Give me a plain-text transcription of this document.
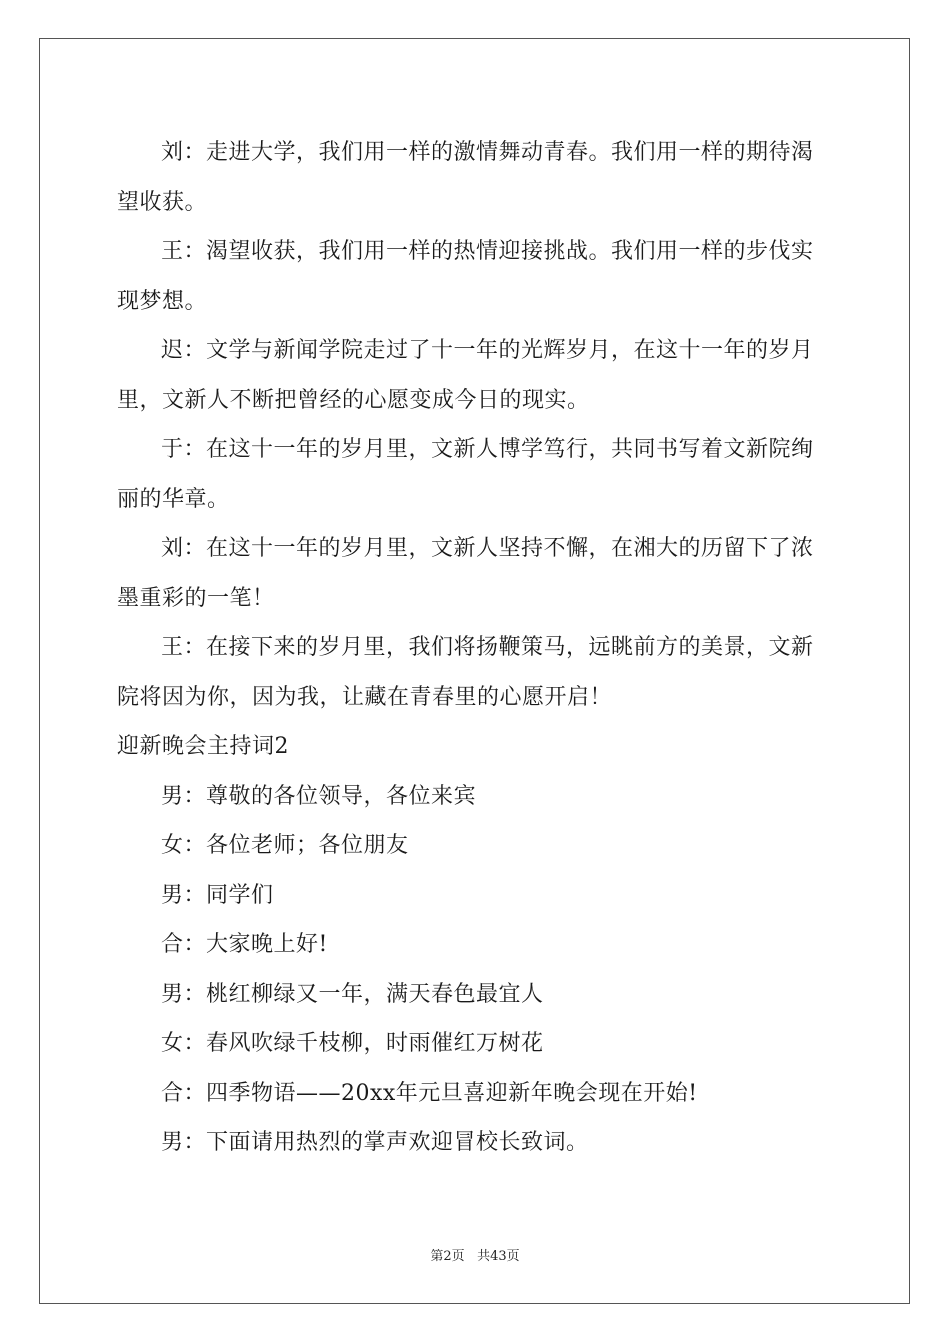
刘：走进大学，我们用一样的激情舞动青春。我们用一样的期待渴望收获。

王：渴望收获，我们用一样的热情迎接挑战。我们用一样的步伐实现梦想。

迟：文学与新闻学院走过了十一年的光辉岁月，在这十一年的岁月里，文新人不断把曾经的心愿变成今日的现实。

于：在这十一年的岁月里，文新人博学笃行，共同书写着文新院绚丽的华章。

刘：在这十一年的岁月里，文新人坚持不懈，在湘大的历留下了浓墨重彩的一笔！

王：在接下来的岁月里，我们将扬鞭策马，远眺前方的美景，文新院将因为你，因为我，让藏在青春里的心愿开启！

迎新晚会主持词2

男：尊敬的各位领导，各位来宾

女：各位老师；各位朋友

男：同学们

合：大家晚上好!

男：桃红柳绿又一年，满天春色最宜人

女：春风吹绿千枝柳，时雨催红万树花

合：四季物语——20xx年元旦喜迎新年晚会现在开始!

男：下面请用热烈的掌声欢迎冒校长致词。

第2页 共43页
